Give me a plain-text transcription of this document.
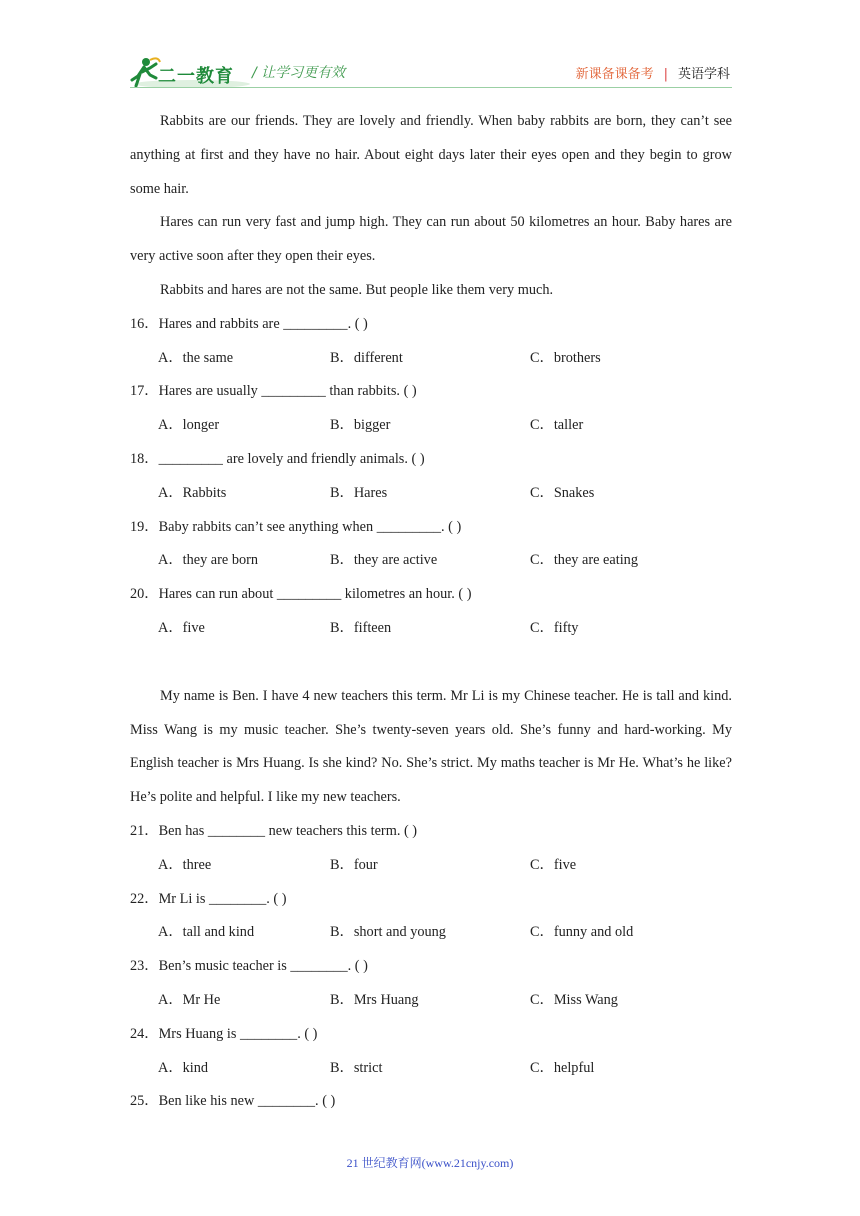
二一教育 / 让学习更有效	新课备课备考 | 英语学科

Rabbits are our friends. They are lovely and friendly. When baby rabbits are born, they can’t see anything at first and they have no hair. About eight days later their eyes open and they begin to grow some hair.

Hares can run very fast and jump high. They can run about 50 kilometres an hour. Baby hares are very active soon after they open their eyes.

Rabbits and hares are not the same. But people like them very much.

16．Hares and rabbits are _________. ( )
A．the same	B．different	C．brothers
17．Hares are usually _________ than rabbits. ( )
A．longer	B．bigger	C．taller
18．_________ are lovely and friendly animals. ( )
A．Rabbits	B．Hares	C．Snakes
19．Baby rabbits can’t see anything when _________. ( )
A．they are born	B．they are active	C．they are eating
20．Hares can run about _________ kilometres an hour. ( )
A．five	B．fifteen	C．fifty

My name is Ben. I have 4 new teachers this term. Mr Li is my Chinese teacher. He is tall and kind. Miss Wang is my music teacher. She’s twenty-seven years old. She’s funny and hard-working. My English teacher is Mrs Huang. Is she kind? No. She’s strict. My maths teacher is Mr He. What’s he like? He’s polite and helpful. I like my new teachers.

21．Ben has ________ new teachers this term. ( )
A．three	B．four	C．five
22．Mr Li is ________. ( )
A．tall and kind	B．short and young	C．funny and old
23．Ben’s music teacher is ________. ( )
A．Mr He	B．Mrs Huang	C．Miss Wang
24．Mrs Huang is ________. ( )
A．kind	B．strict	C．helpful
25．Ben like his new ________. ( )
21 世纪教育网(www.21cnjy.com)
